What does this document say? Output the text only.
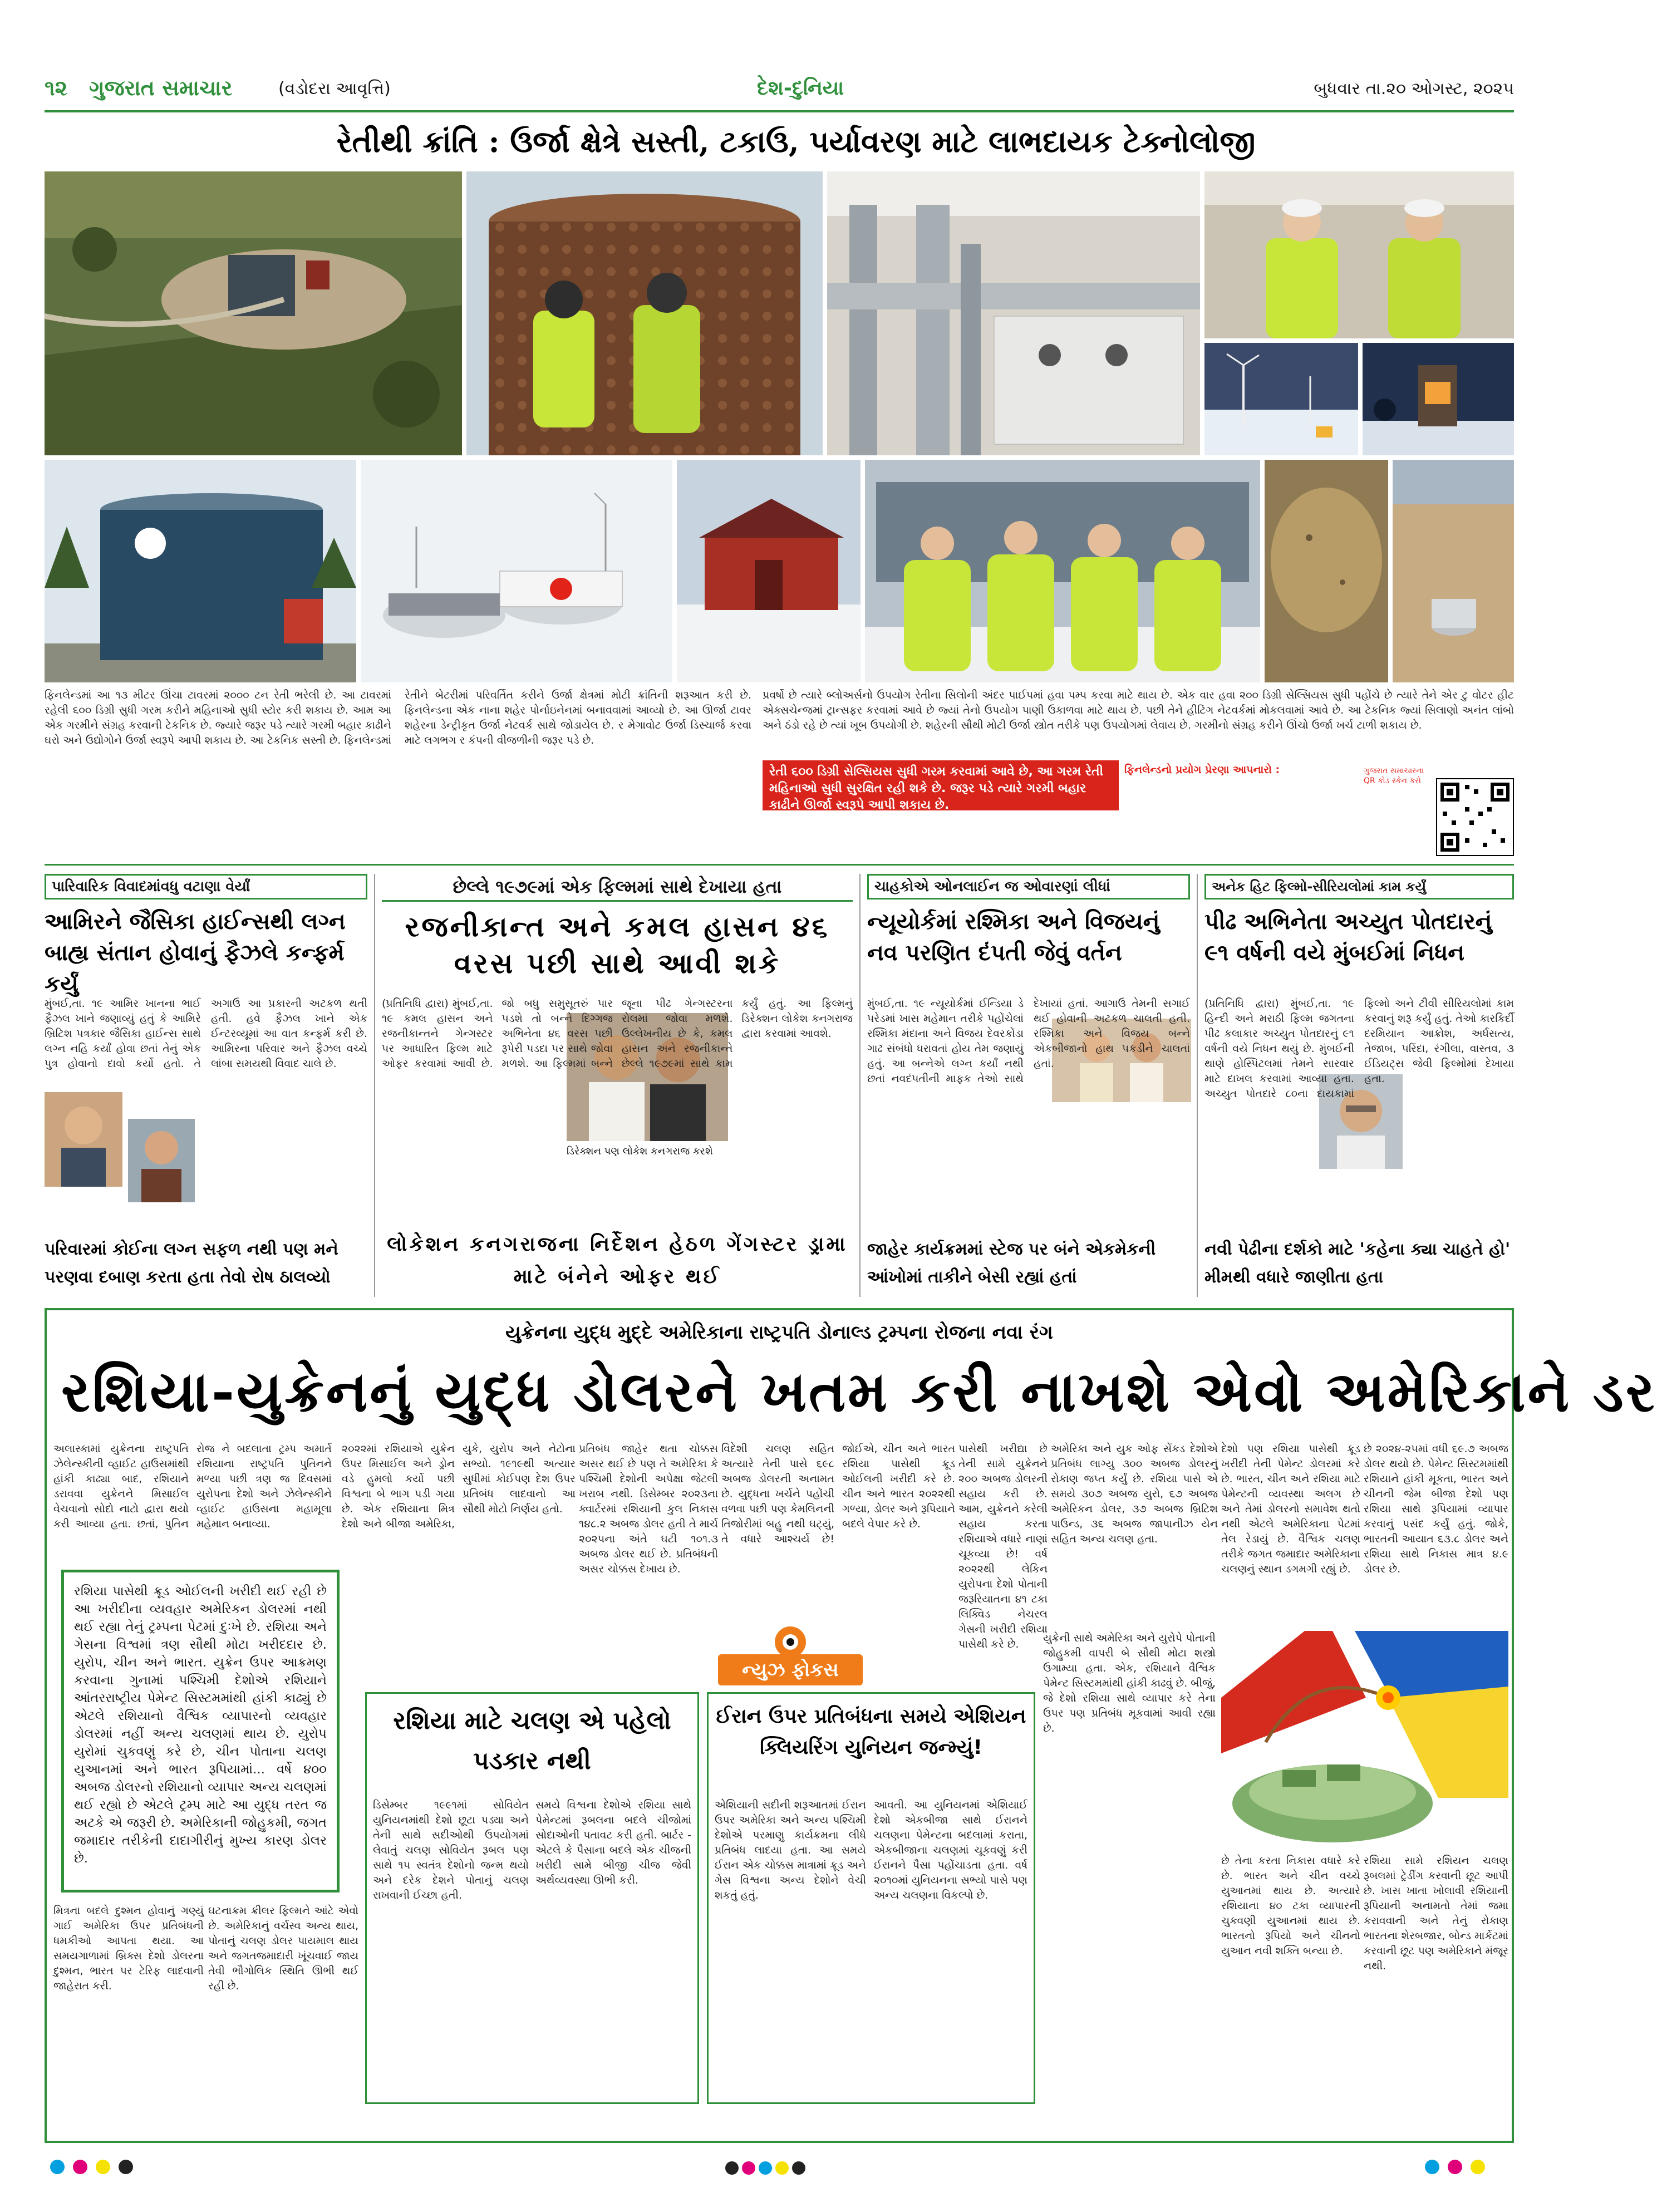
૧૨ ગુજરાત સમાચાર	(વડોદરા આવૃત્તિ)	દેશ-દુનિયા	બુધવાર તા.૨૦ ઓગસ્ટ, ૨૦૨૫
રેતીથી ક્રાંતિ : ઉર્જા ક્ષેત્રે સસ્તી, ટકાઉ, પર્યાવરણ માટે લાભદાયક ટેક્નોલોજી
ફિનલેન્ડમાં આ ૧૩ મીટર ઊંચા ટાવરમાં ૨૦૦૦ ટન રેતી ભરેલી છે. આ ટાવરમાં રહેલી ૬૦૦ ડિગ્રી સુધી ગરમ કરીને મહિનાઓ સુધી સ્ટોર કરી શકાય છે. આમ આ એક ગરમીને સંગ્રહ કરવાની ટેકનિક છે. જ્યારે જરૂર પડે ત્યારે ગરમી બહાર કાઢીને ઘરો અને ઉદ્યોગોને ઉર્જા સ્વરૂપે આપી શકાય છે. આ ટેકનિક સસ્તી છે. ફિનલેન્ડમાં રેતીને બેટરીમાં પરિવર્તિત કરીને ઉર્જા ક્ષેત્રમાં મોટી ક્રાંતિની શરૂઆત કરી છે. ફિનલેન્ડના એક નાના શહેર પોર્નાઇનેનમાં બનાવવામાં આવ્યો છે. આ ઊર્જા ટાવર શહેરના ડેન્ટ્રીકૃત ઉર્જા નેટવર્ક સાથે જોડાયેલ છે. ર મેગાવોટ ઉર્જા ડિસ્ચાર્જ કરવા માટે લગભગ ર કંપની વીજળીની જરૂર પડે છે.
પ્રવર્ષો છે ત્યારે બ્લોઅર્સનો ઉપયોગ રેતીના સિલોની અંદર પાઈપમાં હવા પમ્પ કરવા માટે થાય છે. એક વાર હવા ૨૦૦ ડિગ્રી સેલ્સિયસ સુધી પહોંચે છે ત્યારે તેને એર ટુ વોટર હીટ એક્સચેન્જમાં ટ્રાન્સફર કરવામાં આવે છે જ્યાં તેનો ઉપયોગ પાણી ઉકાળવા માટે થાય છે. પછી તેને હીટિંગ નેટવર્કમાં મોકલવામાં આવે છે. આ ટેકનિક જ્યાં સિલાણો અનંત લાંબો અને ઠંડો રહે છે ત્યાં ખૂબ ઉપયોગી છે. શહેરની સૌથી મોટી ઉર્જા સ્ત્રોત તરીકે પણ ઉપયોગમાં લેવાય છે. ગરમીનો સંગ્રહ કરીને ઊંચો ઉર્જા ખર્ચ ટાળી શકાય છે.
રેતી ૬૦૦ ડિગ્રી સેલ્સિયસ સુધી ગરમ કરવામાં આવે છે, આ ગરમ રેતી મહિનાઓ સુધી સુરક્ષિત રહી શકે છે. જરૂર પડે ત્યારે ગરમી બહાર કાઢીને ઊર્જા સ્વરૂપે આપી શકાય છે.
ફિનલેન્ડનો પ્રયોગ પ્રેરણા આપનારો :	ગુજરાત સમાચારના QR કોડ સ્કેન કરો
પારિવારિક વિવાદમાંવધુ વટાણા વેર્યાં
આમિરને જૈસિકા હાઈન્સથી લગ્ન બાહ્ય સંતાન હોવાનું ફૈઝલે કન્ફર્મ કર્યું
મુંબઈ,તા. ૧૯ આમિર ખાનના ભાઈ ફૈઝલ ખાને જણાવ્યું હતું કે આમિરે બ્રિટિશ પત્રકાર જૈસિકા હાઈન્સ સાથે લગ્ન નહિ કર્યાં હોવા છતાં તેનું એક પુત્ર હોવાનો દાવો કર્યો હતો. તે અગાઉ આ પ્રકારની અટકળ થતી હતી. હવે ફૈઝલ ખાને એક ઈન્ટરવ્યૂમાં આ વાત કન્ફર્મ કરી છે. આમિરના પરિવાર અને ફૈઝલ વચ્ચે લાંબા સમયથી વિવાદ ચાલે છે.
પરિવારમાં કોઈના લગ્ન સફળ નથી પણ મને પરણવા દબાણ કરતા હતા તેવો રોષ ઠાલવ્યો
છેલ્લે ૧૯૭૯માં એક ફિલ્મમાં સાથે દેખાયા હતા
રજનીકાન્ત અને કમલ હાસન ૪૬ વરસ પછી સાથે આવી શકે
ડિરેક્શન પણ લોકેશ કનગરાજ કરશે
(પ્રતિનિધિ દ્વારા) મુંબઈ,તા. ૧૯ કમલ હાસન અને રજનીકાન્તને ગેન્ગસ્ટર પર આધારિત ફિલ્મ માટે ઓફર કરવામાં આવી છે. જો બધુ સમુસૂતરું પાર પડશે તો બન્ને દિગ્ગજ અભિનેતા ૪૬ વરસ પછી રૂપેરી પડદા પર સાથે જોવા મળશે. આ ફિલ્મમાં બન્ને જૂના પીઢ ગેન્ગસ્ટરના રોલમાં જોવા મળશે. ઉલ્લેખનીય છે કે, કમલ હાસન અને રજનીકાન્તે છેલ્લે ૧૯૭૯માં સાથે કામ કર્યું હતું. આ ફિલ્મનું ડિરેક્શન લોકેશ કનગરાજ દ્વારા કરવામાં આવશે.
લોકેશન કનગરાજના નિર્દેશન હેઠળ ગેંગસ્ટર ડ્રામા માટે બંનેને ઓફર થઈ
ચાહકોએ ઓનલાઈન જ ઓવારણાં લીધાં
ન્યૂયોર્કમાં રશ્મિકા અને વિજયનું નવ પરણિત દંપતી જેવું વર્તન
મુંબઈ,તા. ૧૯ ન્યૂયોર્કમાં ઈન્ડિયા ડે પરેડમાં ખાસ મહેમાન તરીકે પહોંચેલાં રશ્મિકા મંદાના અને વિજય દેવરકોંડા ગાઢ સંબંધો ધરાવતાં હોય તેમ જણાયું હતું. આ બન્નેએ લગ્ન કર્યાં નથી છતાં નવદંપતીની માફક તેઓ સાથે દેખાયાં હતાં. આગાઉ તેમની સગાઈ થઈ હોવાની અટકળ ચાલતી હતી. રશ્મિકા અને વિજય બન્ને એકબીજાનો હાથ પકડીને ચાલતાં હતાં.
જાહેર કાર્યક્રમમાં સ્ટેજ પર બંને એકમેકની આંખોમાં તાકીને બેસી રહ્યાં હતાં
અનેક હિટ ફિલ્મો-સીરિયલોમાં કામ કર્યું
પીઢ અભિનેતા અચ્યુત પોતદારનું ૯૧ વર્ષની વયે મુંબઈમાં નિધન
(પ્રતિનિધિ દ્વારા) મુંબઈ,તા. ૧૯ હિન્દી અને મરાઠી ફિલ્મ જગતના પીઢ કલાકાર અચ્યુત પોતદારનું ૯૧ વર્ષની વયે નિધન થયું છે. મુંબઈની થાણે હોસ્પિટલમાં તેમને સારવાર માટે દાખલ કરવામાં આવ્યા હતા. અચ્યુત પોતદારે ૮૦ના દાયકામાં ફિલ્મો અને ટીવી સીરિયલોમાં કામ કરવાનું શરૂ કર્યું હતું. તેઓ કારકિર્દી દરમિયાન આક્રોશ, અર્ધસત્ય, તેજાબ, પરિંદા, રંગીલા, વાસ્તવ, ૩ ઈડિયટ્સ જેવી ફિલ્મોમાં દેખાયા હતા.
નવી પેઢીના દર્શકો માટે 'કહેના ક્યા ચાહતે હો' મીમથી વધારે જાણીતા હતા
યુક્રેનના યુદ્ધ મુદ્દે અમેરિકાના રાષ્ટ્રપતિ ડોનાલ્ડ ટ્રમ્પના રોજના નવા રંગ
રશિયા-યુક્રેનનું યુદ્ધ ડોલરને ખતમ કરી નાખશે એવો અમેરિકાને ડર
અલાસ્કામાં યુક્રેનના રાષ્ટ્રપતિ ઝેલેન્સ્કીની વ્હાઈટ હાઉસમાંથી હાંકી કાઢ્યા બાદ, રશિયાને ડરાવવા યુક્રેનને મિસાઈલ વેચવાનો સોદો નાટો દ્વારા થયો કરી આવ્યા હતા. છતાં, પુતિન રોજ ને બદલાતા ટ્રમ્પ અમાર્ત રશિયાના રાષ્ટ્રપતિ પુતિનને મળ્યા પછી ત્રણ જ દિવસમાં યુરોપના દેશો અને ઝેલેન્સ્કીને વ્હાઈટ હાઉસના મહામૂલા મહેમાન બનાવ્યા.
રશિયા પાસેથી ક્રૂડ ઓઈલની ખરીદી થઈ રહી છે આ ખરીદીના વ્યવહાર અમેરિકન ડોલરમાં નથી થઈ રહ્યા તેનું ટ્રમ્પના પેટમાં દુઃખે છે. રશિયા અને ગેસના વિશ્વમાં ત્રણ સૌથી મોટા ખરીદદાર છે. યુરોપ, ચીન અને ભારત. યુક્રેન ઉપર આક્રમણ કરવાના ગુનામાં પશ્ચિમી દેશોએ રશિયાને આંતરરાષ્ટ્રીય પેમેન્ટ સિસ્ટમમાંથી હાંકી કાઢ્યું છે એટલે રશિયાનો વૈશ્વિક વ્યાપારનો વ્યવહાર ડોલરમાં નહીં અન્ય ચલણમાં થાય છે. યુરોપ યુરોમાં ચુકવણું કરે છે, ચીન પોતાના ચલણ યુઆનમાં અને ભારત રૂપિયામાં... વર્ષે ૪૦૦ અબજ ડોલરનો રશિયાનો વ્યાપાર અન્ય ચલણમાં થઈ રહ્યો છે એટલે ટ્રમ્પ માટે આ યુદ્ધ તરત જ અટકે એ જરૂરી છે. અમેરિકાની જોહુકમી, જગત જમાદાર તરીકેની દાદાગીરીનું મુખ્ય કારણ ડોલર છે.
૨૦૨૨માં રશિયાએ યુક્રેન ઉપર મિસાઈલ અને ડ્રોન વડે હુમલો કર્યો પછી વિશ્વના બે ભાગ પડી ગયા છે. એક રશિયાના મિત્ર દેશો અને બીજા અમેરિકા, યુકે, યુરોપ અને નેટોના સભ્યો. ૧૯૧૯થી અત્યાર સુધીમાં કોઈપણ દેશ ઉપર પ્રતિબંધ લાદવાનો આ સૌથી મોટો નિર્ણય હતો.
પ્રતિબંધ જાહેર થતા ચોક્કસ અસર થઈ છે પણ તે અમેરિકા કે પશ્ચિમી દેશોની અપેક્ષા જેટલી ખરાબ નથી. ડિસેમ્બર ૨૦૨૩ના ક્વાર્ટરમાં રશિયાની કુલ નિકાસ ૧૪૮.૨ અબજ ડોલર હતી તે માર્ચ ૨૦૨૫ના અંતે ઘટી ૧૦૧.૩ અબજ ડોલર થઈ છે. પ્રતિબંધની અસર ચોક્કસ દેખાય છે.
વિદેશી ચલણ સહિત અત્યારે તેની પાસે ૬૯૮ અબજ ડોલરની અનામત છે. યુદ્ધના ખર્ચને પહોંચી વળવા પછી પણ કેમલિનની તિજોરીમાં બહુ નથી ઘટ્યું, તે વધારે આશ્ચર્ય છે! જોઈએ, ચીન અને ભારત રશિયા પાસેથી ક્રૂડ ઓઈલની ખરીદી કરે છે. ચીન અને ભારત ૨૦૨૨થી ગળ્યા, ડોલર અને રૂપિયાને બદલે વેપાર કરે છે.
પાસેથી ખરીદ્યા છે તેની સામે યુક્રેનને ૨૦૦ અબજ ડોલરની સહાય કરી છે. આમ, યુક્રેનને કરેલી સહાય કરતા રશિયાએ વધારે નાણાં ચૂકવ્યા છે! વર્ષ ૨૦૨૨થી લેકિન યુરોપના દેશો પોતાની જરૂરિયાતના ૪૧ ટકા લિક્વિડ નેચરલ ગેસની ખરીદી રશિયા પાસેથી કરે છે.
અમેરિકા અને યુક ઓફ સેંકડ દેશોએ પ્રતિબંધ લાગ્યુ ૩૦૦ અબજ ડોલરનું રોકાણ જપ્ત કર્યું છે. રશિયા પાસે એ સમયે ૩૦૭ અબજ યુરો, ૬૭ અબજ અમેરિકન ડોલર, ૩૭ અબજ બ્રિટિશ પાઉન્ડ, ૩૬ અબજ જાપાનીઝ યેન સહિત અન્ય ચલણ હતા.
દેશો પણ રશિયા પાસેથી ક્રૂડ ખરીદી તેની પેમેન્ટ ડોલરમાં કરે છે. ભારત, ચીન અને રશિયા માટે પેમેન્ટની વ્યવસ્થા અલગ છે અને તેમાં ડોલરનો સમાવેશ થતો નથી એટલે અમેરિકાના પેટમાં તેલ રેડાયું છે. વૈશ્વિક ચલણ તરીકે જગત જમાદાર અમેરિકાના ચલણનું સ્થાન ડગમગી રહ્યું છે.
છે ૨૦૨૪-૨૫માં વધી ૬૯.૭ અબજ ડોલર થયો છે. પેમેન્ટ સિસ્ટમમાંથી રશિયાને હાંકી મૂકતા, ભારત અને ચીનની જેમ બીજા દેશો પણ રશિયા સાથે રૂપિયામાં વ્યાપાર કરવાનું પસંદ કર્યું હતું. જોકે, ભારતની આયાત ૬૩.૮ ડોલર અને રશિયા સાથે નિકાસ માત્ર ૪.૯ ડોલર છે.
ન્યુઝ ફોકસ
રશિયા માટે ચલણ એ પહેલો પડકાર નથી
ડિસેમ્બર ૧૯૯૧માં સોવિયેત યુનિયનમાંથી દેશો છૂટા પડ્યા અને તેની સાથે સદીઓથી ઉપયોગમાં લેવાતું ચલણ સોવિયેત રૂબલ પણ સાથે ૧૫ સ્વતંત્ર દેશોનો જન્મ થયો અને દરેક દેશને પોતાનું ચલણ રાખવાની ઈચ્છા હતી.
સમયે વિશ્વના દેશોએ રશિયા સાથે પેમેન્ટમાં રૂબલના બદલે ચીજોમાં સોદાઓની પતાવટ કરી હતી. બાર્ટર - એટલે કે પૈસાના બદલે એક ચીજની ખરીદી સામે બીજી ચીજ જેવી અર્થવ્યવસ્થા ઊભી કરી.
ઈરાન ઉપર પ્રતિબંધના સમયે એશિયન ક્લિયરિંગ યુનિયન જન્મ્યું!
એશિયાની સદીની શરૂઆતમાં ઈરાન ઉપર અમેરિકા અને અન્ય પશ્ચિમી દેશોએ પરમાણુ કાર્યક્રમના લીધે પ્રતિબંધ લાદયા હતા. આ સમયે ઈરાન એક ચોક્કસ માત્રામાં ક્રૂડ અને ગેસ વિશ્વના અન્ય દેશોને વેચી શકતું હતું.
આવતી. આ યુનિયનમાં એશિયાઈ દેશો એકબીજા સાથે ઈરાનને ચલણના પેમેન્ટના બદલામાં કરાતા, એકબીજાના ચલણમાં ચૂકવણું કરી ઈરાનને પૈસા પહોંચાડતા હતા. વર્ષ ૨૦૧૦માં યુનિયનના સભ્યો પાસે પણ અન્ય ચલણના વિકલ્પો છે.
મિત્રના બદલે દુશ્મન હોવાનું ગણ્યું ગાઈ અમેરિકા ઉપર પ્રતિબંધની ધમકીઓ આપતા થયા. આ સમયગાળામાં બ્રિક્સ દેશો ડોલરના દુશ્મન, ભારત પર ટેરિફ લાદવાની જાહેરાત કરી.
ઘટનાક્રમ ક્રીલર ફિલ્મને આંટે એવો છે. અમેરિકાનું વર્ચસ્વ અન્ય થાય, પોતાનું ચલણ ડોલર પાયમાલ થાય અને જગતજમાદારી ખૂંચવાઈ જાય તેવી ભૌગોલિક સ્થિતિ ઊભી થઈ રહી છે.
યુક્રેની સાથે અમેરિકા અને યુરોપે પોતાની જોહુકમી વાપરી બે સૌથી મોટા શસ્ત્રો ઉગામ્યા હતા. એક, રશિયાને વૈશ્વિક પેમેન્ટ સિસ્ટમમાંથી હાંકી કાઢવું છે. બીજું, જે દેશો રશિયા સાથે વ્યાપાર કરે તેના ઉપર પણ પ્રતિબંધ મૂકવામાં આવી રહ્યા છે.
છે તેના કરતા નિકાસ વધારે કરે છે. ભારત અને ચીન વચ્ચે યુઆનમાં થાય છે. અત્યારે રશિયાના ૪૦ ટકા વ્યાપારની ચુકવણી યુઆનમાં થાય છે. ભારતનો રૂપિયો અને ચીનનો યુઆન નવી શક્તિ બન્યા છે.
રશિયા સામે રશિયન ચલણ રૂબલમાં ટ્રેડીંગ કરવાની છૂટ આપી છે. ખાસ ખાતા ખોલાવી રશિયાની રૂપિયાની અનામતો તેમાં જમા કરાવવાની અને તેનું રોકાણ ભારતના શેરબજાર, બોન્ડ માર્કેટમાં કરવાની છૂટ પણ અમેરિકાને મંજૂર નથી.
